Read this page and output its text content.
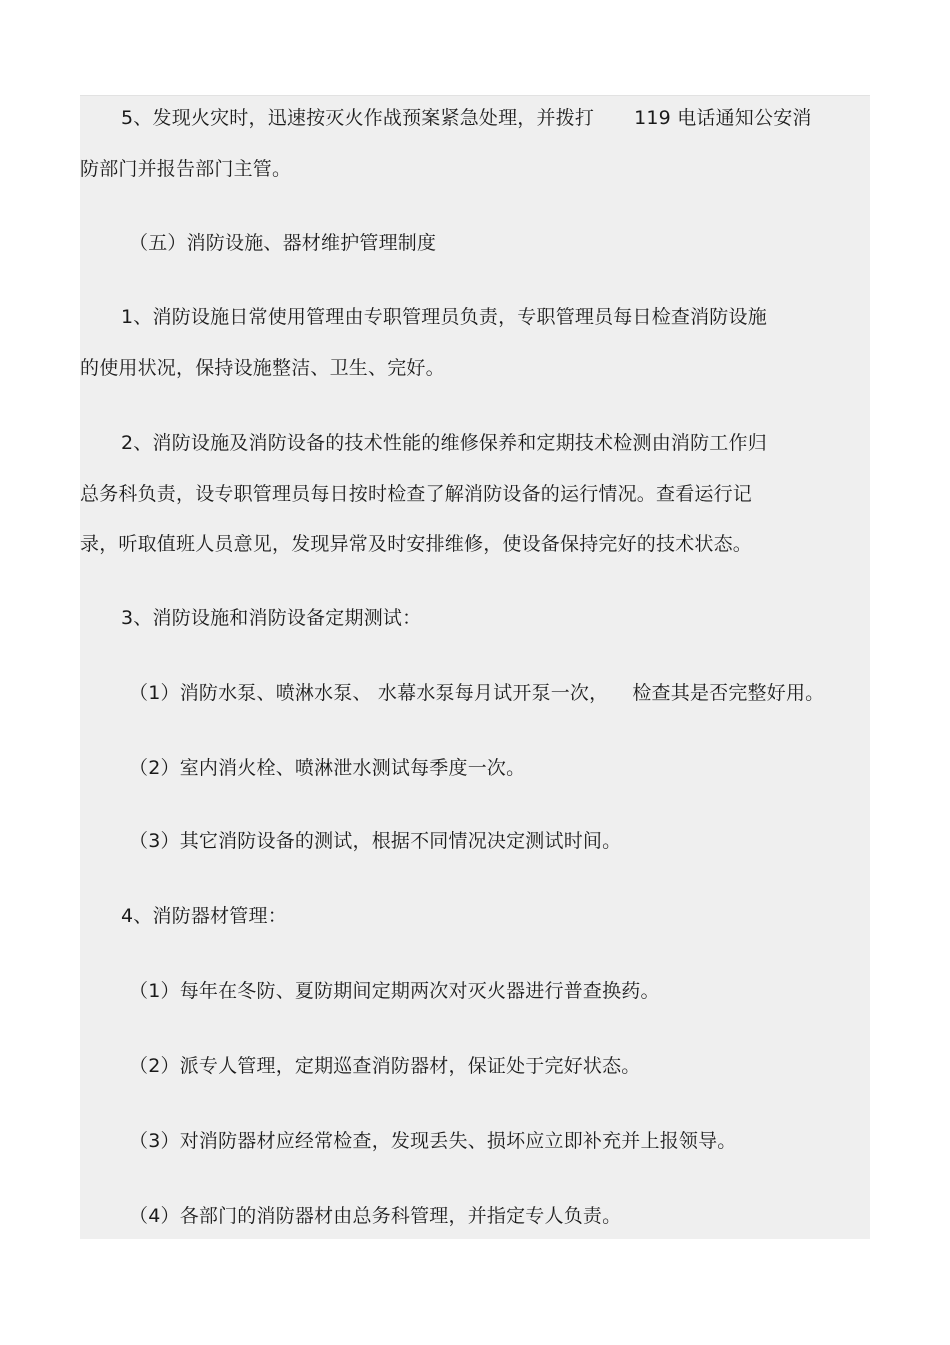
5、发现火灾时，迅速按灭火作战预案紧急处理，并拨打 119 电话通知公安消
防部门并报告部门主管。
（五）消防设施、器材维护管理制度
1、消防设施日常使用管理由专职管理员负责，专职管理员每日检查消防设施
的使用状况，保持设施整洁、卫生、完好。
2、消防设施及消防设备的技术性能的维修保养和定期技术检测由消防工作归
总务科负责，设专职管理员每日按时检查了解消防设备的运行情况。查看运行记
录，听取值班人员意见，发现异常及时安排维修，使设备保持完好的技术状态。
3、消防设施和消防设备定期测试：
（1）消防水泵、喷淋水泵、 水幕水泵每月试开泵一次， 检查其是否完整好用。
（2）室内消火栓、喷淋泄水测试每季度一次。
（3）其它消防设备的测试，根据不同情况决定测试时间。
4、消防器材管理：
（1）每年在冬防、夏防期间定期两次对灭火器进行普查换药。
（2）派专人管理，定期巡查消防器材，保证处于完好状态。
（3）对消防器材应经常检查，发现丢失、损坏应立即补充并上报领导。
（4）各部门的消防器材由总务科管理，并指定专人负责。
